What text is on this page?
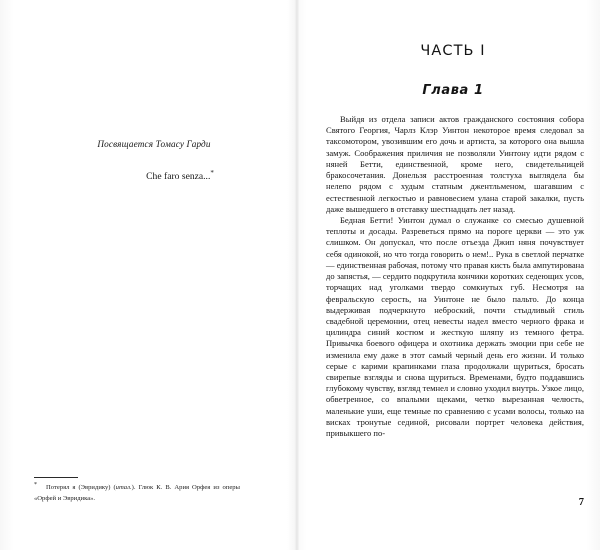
Посвящается Томасу Гарди
Che faro senza...*
* Потерял я (Эвридику) (итал.). Глюк К. В. Ария Орфея из оперы «Орфей и Эвридика».
ЧАСТЬ I
Глава 1

Выйдя из отдела записи актов гражданского состояния собора Святого Георгия, Чарлз Клэр Уинтон некоторое время следовал за таксомотором, увозившим его дочь и артиста, за которого она вышла замуж. Соображения приличия не позволяли Уинтону идти рядом с няней Бетти, единственной, кроме него, свидетельницей бракосочетания. Донельзя расстроенная толстуха выглядела бы нелепо рядом с худым статным джентльменом, шагавшим с естественной легкостью и равновесием улана старой закалки, пусть даже вышедшего в отставку шестнадцать лет назад.

Бедная Бетти! Уинтон думал о служанке со смесью душевной теплоты и досады. Разреветься прямо на пороге церкви — это уж слишком. Он допускал, что после отъезда Джип няня почувствует себя одинокой, но что тогда говорить о нем!.. Рука в светлой перчатке — единственная рабочая, потому что правая кисть была ампутирована до запястья, — сердито подкрутила кончики коротких седеющих усов, торчащих над уголками твердо сомкнутых губ. Несмотря на февральскую серость, на Уинтоне не было пальто. До конца выдерживая подчеркнуто неброский, почти стыдливый стиль свадебной церемонии, отец невесты надел вместо черного фрака и цилиндра синий костюм и жесткую шляпу из темного фетра. Привычка боевого офицера и охотника держать эмоции при себе не изменила ему даже в этот самый черный день его жизни. И только серые с карими крапинками глаза продолжали щуриться, бросать свирепые взгляды и снова щуриться. Временами, будто поддавшись глубокому чувству, взгляд темнел и словно уходил внутрь. Узкое лицо, обветренное, со впалыми щеками, четко вырезанная челюсть, маленькие уши, еще темные по сравнению с усами волосы, только на висках тронутые сединой, рисовали портрет человека действия, привыкшего по-

7
